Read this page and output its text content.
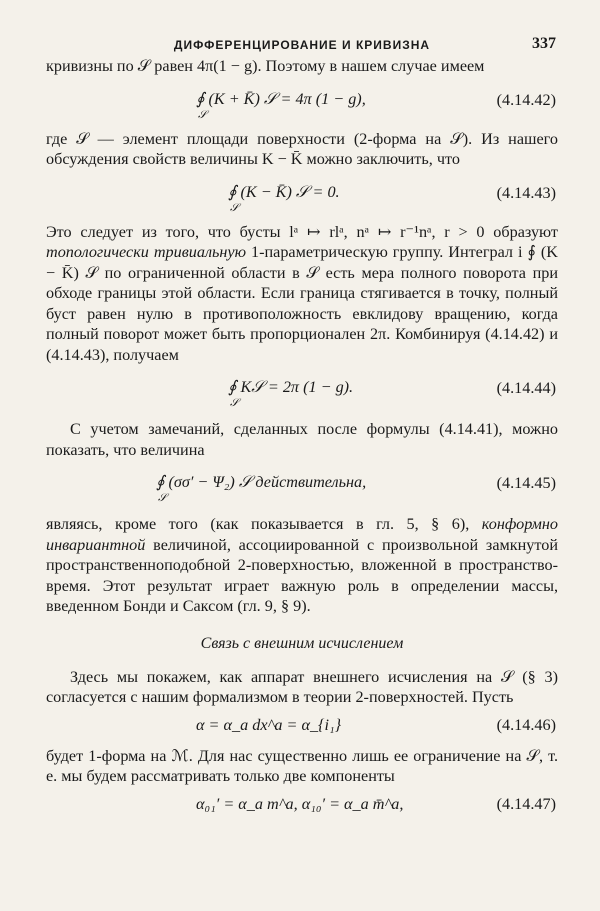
ДИФФЕРЕНЦИРОВАНИЕ И КРИВИЗНА	337

кривизны по 𝒮 равен 4π(1 − g). Поэтому в нашем случае имеем

∮ (K + K̄) 𝒮 = 4π (1 − g),
𝒮
(4.14.42)

где 𝒮 — элемент площади поверхности (2-форма на 𝒮). Из нашего обсуждения свойств величины K − K̄ можно заключить, что

∮ (K − K̄) 𝒮 = 0.
𝒮
(4.14.43)

Это следует из того, что бусты lᵃ ↦ rlᵃ, nᵃ ↦ r⁻¹nᵃ, r > 0 образуют топологически тривиальную 1-параметрическую группу. Интеграл i ∮ (K − K̄) 𝒮 по ограниченной области в 𝒮 есть мера полного поворота при обходе границы этой области. Если граница стягивается в точку, полный буст равен нулю в противоположность евклидову вращению, когда полный поворот может быть пропорционален 2π. Комбинируя (4.14.42) и (4.14.43), получаем

∮ K𝒮 = 2π (1 − g).
𝒮
(4.14.44)

С учетом замечаний, сделанных после формулы (4.14.41), можно показать, что величина

∮ (σσ′ − Ψ₂) 𝒮 действительна,
𝒮
(4.14.45)

являясь, кроме того (как показывается в гл. 5, § 6), конформно инвариантной величиной, ассоциированной с произвольной замкнутой пространственноподобной 2-поверхностью, вложенной в пространство-время. Этот результат играет важную роль в определении массы, введенном Бонди и Саксом (гл. 9, § 9).

Связь с внешним исчислением

Здесь мы покажем, как аппарат внешнего исчисления на 𝒮 (§ 3) согласуется с нашим формализмом в теории 2-поверхностей. Пусть

α = α_a dx^a = α_{i₁}	(4.14.46)

будет 1-форма на ℳ. Для нас существенно лишь ее ограничение на 𝒮, т. е. мы будем рассматривать только две компоненты

α₀₁′ = α_a m^a, α₁₀′ = α_a m̄^a,	(4.14.47)
